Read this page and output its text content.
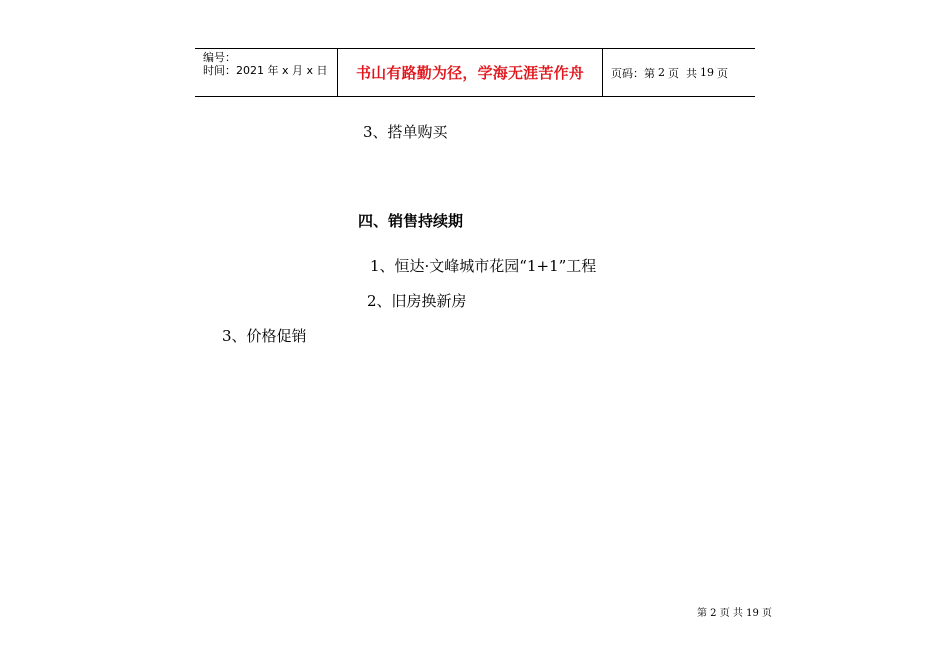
编号：
时间：2021 年 x 月 x 日	书山有路勤为径，学海无涯苦作舟 页码：第 2 页  共 19 页
3、搭单购买
四、销售持续期
1、恒达·文峰城市花园“1+1”工程
2、旧房换新房
3、价格促销
第 2 页 共 19 页
